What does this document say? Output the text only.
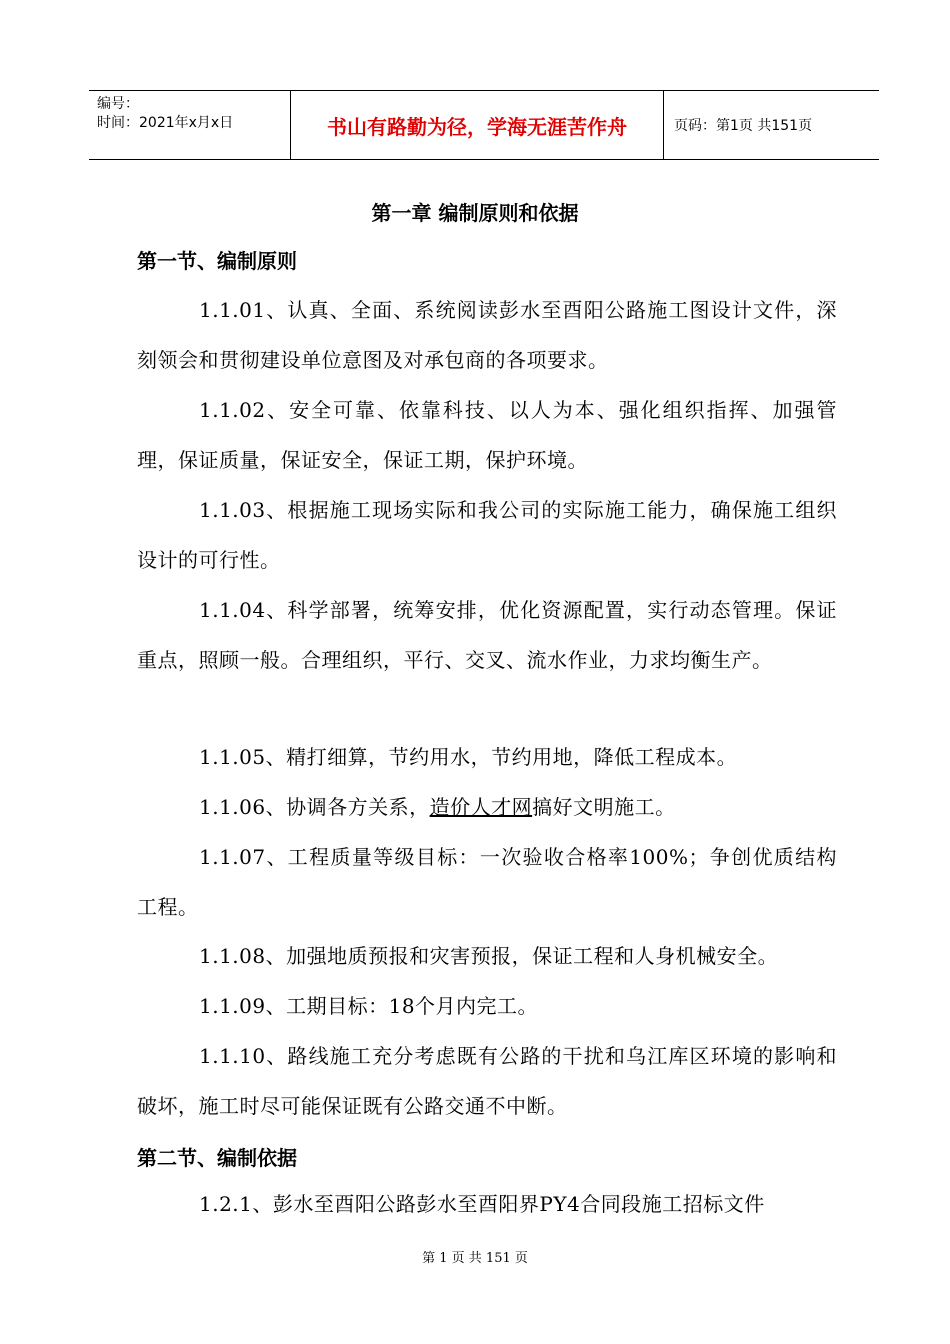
编号：
时间：2021年x月x日	书山有路勤为径，学海无涯苦作舟	页码：第1页 共151页
第一章 编制原则和依据
第一节、编制原则
1.1.01、认真、全面、系统阅读彭水至酉阳公路施工图设计文件，深刻领会和贯彻建设单位意图及对承包商的各项要求。
1.1.02、安全可靠、依靠科技、以人为本、强化组织指挥、加强管理，保证质量，保证安全，保证工期，保护环境。
1.1.03、根据施工现场实际和我公司的实际施工能力，确保施工组织设计的可行性。
1.1.04、科学部署，统筹安排，优化资源配置，实行动态管理。保证重点，照顾一般。合理组织，平行、交叉、流水作业，力求均衡生产。
1.1.05、精打细算，节约用水，节约用地，降低工程成本。
1.1.06、协调各方关系，造价人才网搞好文明施工。
1.1.07、工程质量等级目标：一次验收合格率100%；争创优质结构工程。
1.1.08、加强地质预报和灾害预报，保证工程和人身机械安全。
1.1.09、工期目标：18个月内完工。
1.1.10、路线施工充分考虑既有公路的干扰和乌江库区环境的影响和破坏，施工时尽可能保证既有公路交通不中断。
第二节、编制依据
1.2.1、彭水至酉阳公路彭水至酉阳界PY4合同段施工招标文件
第 1 页 共 151 页
